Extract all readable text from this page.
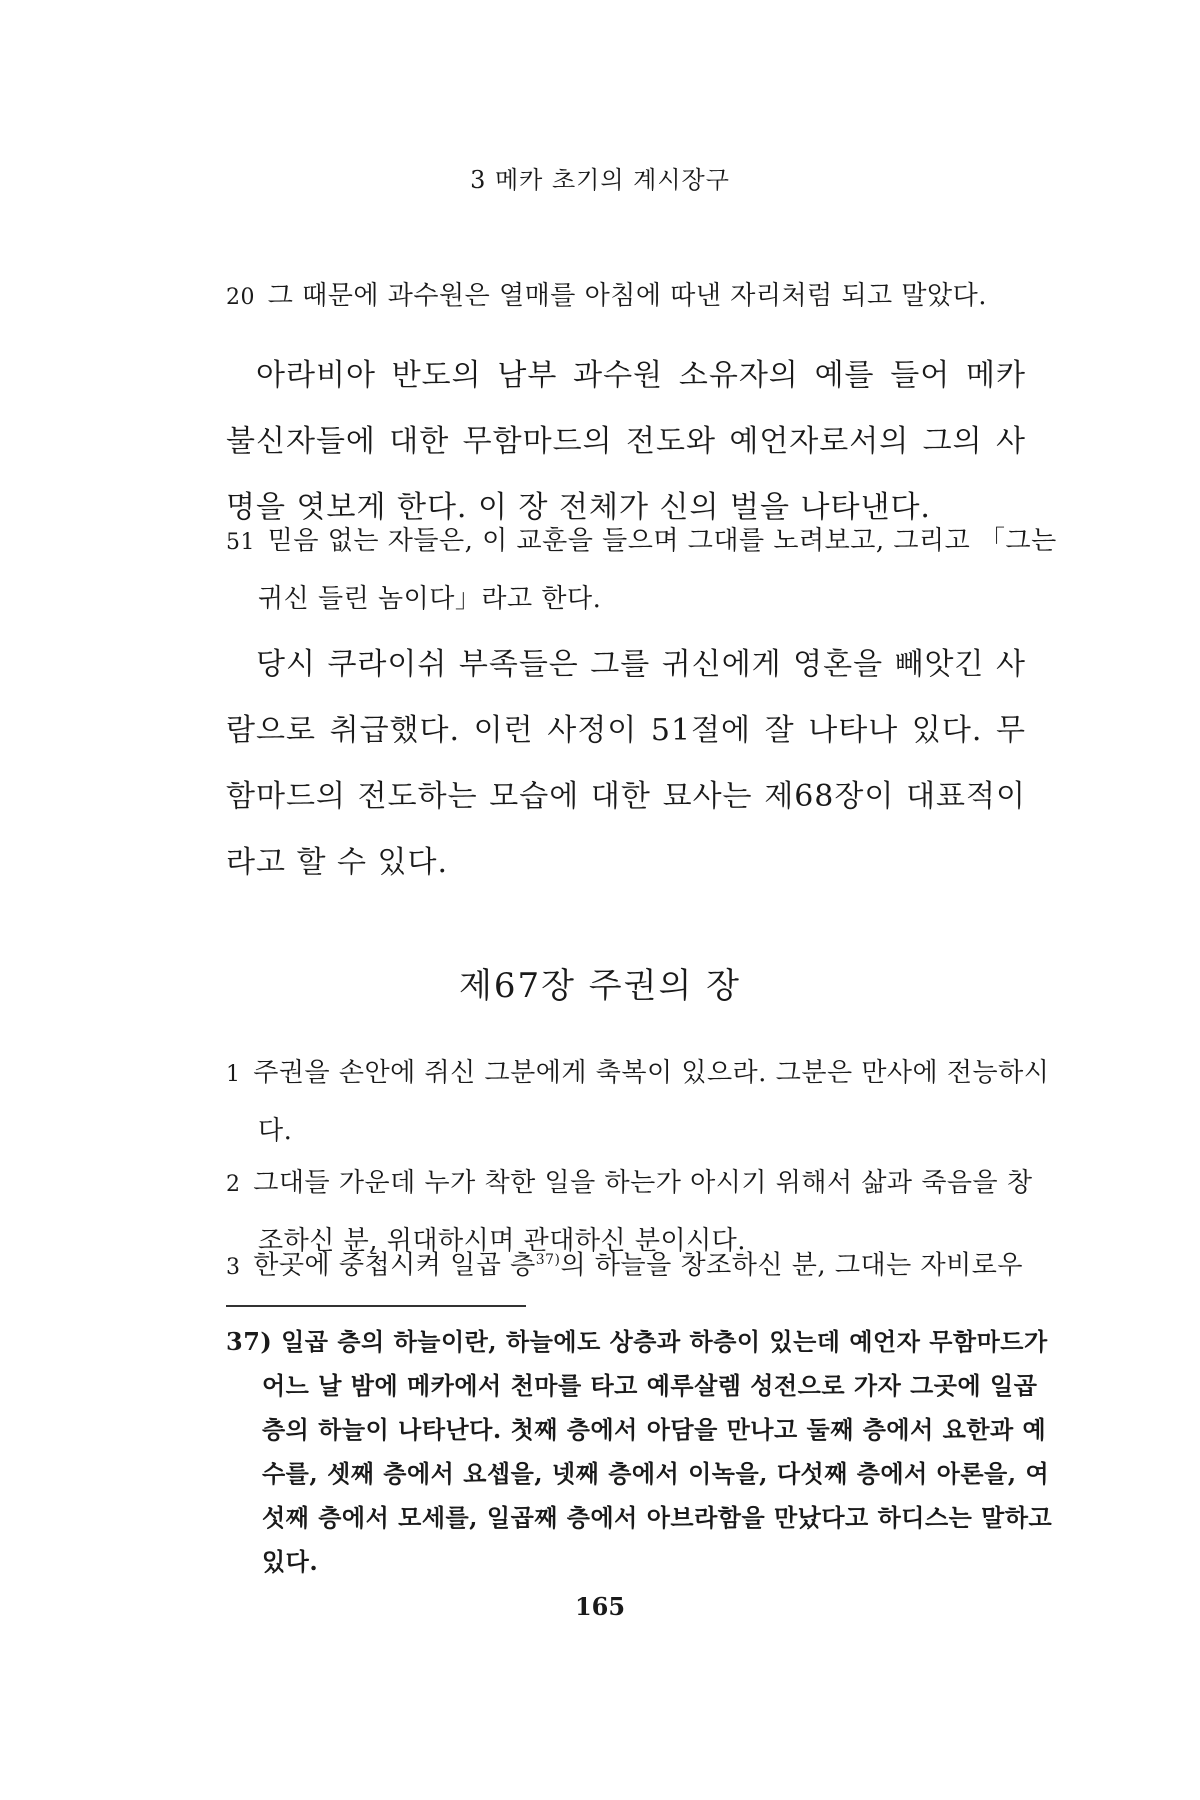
3 메카 초기의 계시장구
20 그 때문에 과수원은 열매를 아침에 따낸 자리처럼 되고 말았다.
아라비아 반도의 남부 과수원 소유자의 예를 들어 메카 불신자들에 대한 무함마드의 전도와 예언자로서의 그의 사명을 엿보게 한다. 이 장 전체가 신의 벌을 나타낸다.
51 믿음 없는 자들은, 이 교훈을 들으며 그대를 노려보고, 그리고 「그는 귀신 들린 놈이다」라고 한다.
당시 쿠라이쉬 부족들은 그를 귀신에게 영혼을 빼앗긴 사람으로 취급했다. 이런 사정이 51절에 잘 나타나 있다. 무함마드의 전도하는 모습에 대한 묘사는 제68장이 대표적이라고 할 수 있다.
제67장 주권의 장
1 주권을 손안에 쥐신 그분에게 축복이 있으라. 그분은 만사에 전능하시다.
2 그대들 가운데 누가 착한 일을 하는가 아시기 위해서 삶과 죽음을 창조하신 분, 위대하시며 관대하신 분이시다.
3 한곳에 중첩시켜 일곱 층$^{37)}$의 하늘을 창조하신 분, 그대는 자비로우
37) 일곱 층의 하늘이란, 하늘에도 상층과 하층이 있는데 예언자 무함마드가 어느 날 밤에 메카에서 천마를 타고 예루살렘 성전으로 가자 그곳에 일곱 층의 하늘이 나타난다. 첫째 층에서 아담을 만나고 둘째 층에서 요한과 예수를, 셋째 층에서 요셉을, 넷째 층에서 이녹을, 다섯째 층에서 아론을, 여섯째 층에서 모세를, 일곱째 층에서 아브라함을 만났다고 하디스는 말하고 있다.
165
